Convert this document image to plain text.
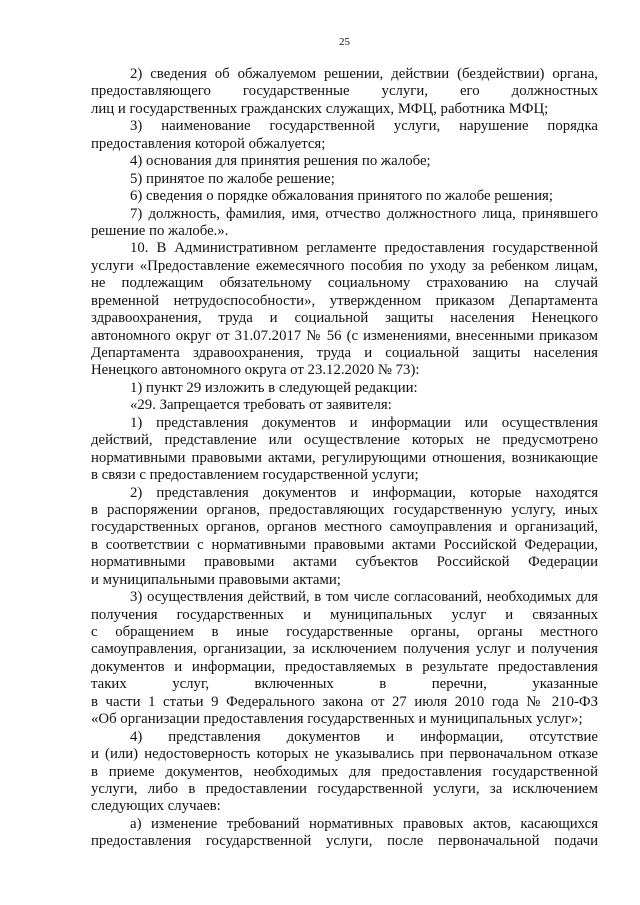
25
2) сведения об обжалуемом решении, действии (бездействии) органа,
предоставляющего государственные услуги, его должностных
лиц и государственных гражданских служащих, МФЦ, работника МФЦ;
3) наименование государственной услуги, нарушение порядка
предоставления которой обжалуется;
4) основания для принятия решения по жалобе;
5) принятое по жалобе решение;
6) сведения о порядке обжалования принятого по жалобе решения;
7) должность, фамилия, имя, отчество должностного лица, принявшего
решение по жалобе.».
10. В Административном регламенте предоставления государственной
услуги «Предоставление ежемесячного пособия по уходу за ребенком лицам,
не подлежащим обязательному социальному страхованию на случай
временной нетрудоспособности», утвержденном приказом Департамента
здравоохранения, труда и социальной защиты населения Ненецкого
автономного округ от 31.07.2017 № 56 (с изменениями, внесенными приказом
Департамента здравоохранения, труда и социальной защиты населения
Ненецкого автономного округа от 23.12.2020 № 73):
1) пункт 29 изложить в следующей редакции:
«29. Запрещается требовать от заявителя:
1) представления документов и информации или осуществления
действий, представление или осуществление которых не предусмотрено
нормативными правовыми актами, регулирующими отношения, возникающие
в связи с предоставлением государственной услуги;
2) представления документов и информации, которые находятся
в распоряжении органов, предоставляющих государственную услугу, иных
государственных органов, органов местного самоуправления и организаций,
в соответствии с нормативными правовыми актами Российской Федерации,
нормативными правовыми актами субъектов Российской Федерации
и муниципальными правовыми актами;
3) осуществления действий, в том числе согласований, необходимых для
получения государственных и муниципальных услуг и связанных
с обращением в иные государственные органы, органы местного
самоуправления, организации, за исключением получения услуг и получения
документов и информации, предоставляемых в результате предоставления
таких услуг, включенных в перечни, указанные
в части 1 статьи 9 Федерального закона от 27 июля 2010 года № 210-ФЗ
«Об организации предоставления государственных и муниципальных услуг»;
4) представления документов и информации, отсутствие
и (или) недостоверность которых не указывались при первоначальном отказе
в приеме документов, необходимых для предоставления государственной
услуги, либо в предоставлении государственной услуги, за исключением
следующих случаев:
а) изменение требований нормативных правовых актов, касающихся
предоставления государственной услуги, после первоначальной подачи
